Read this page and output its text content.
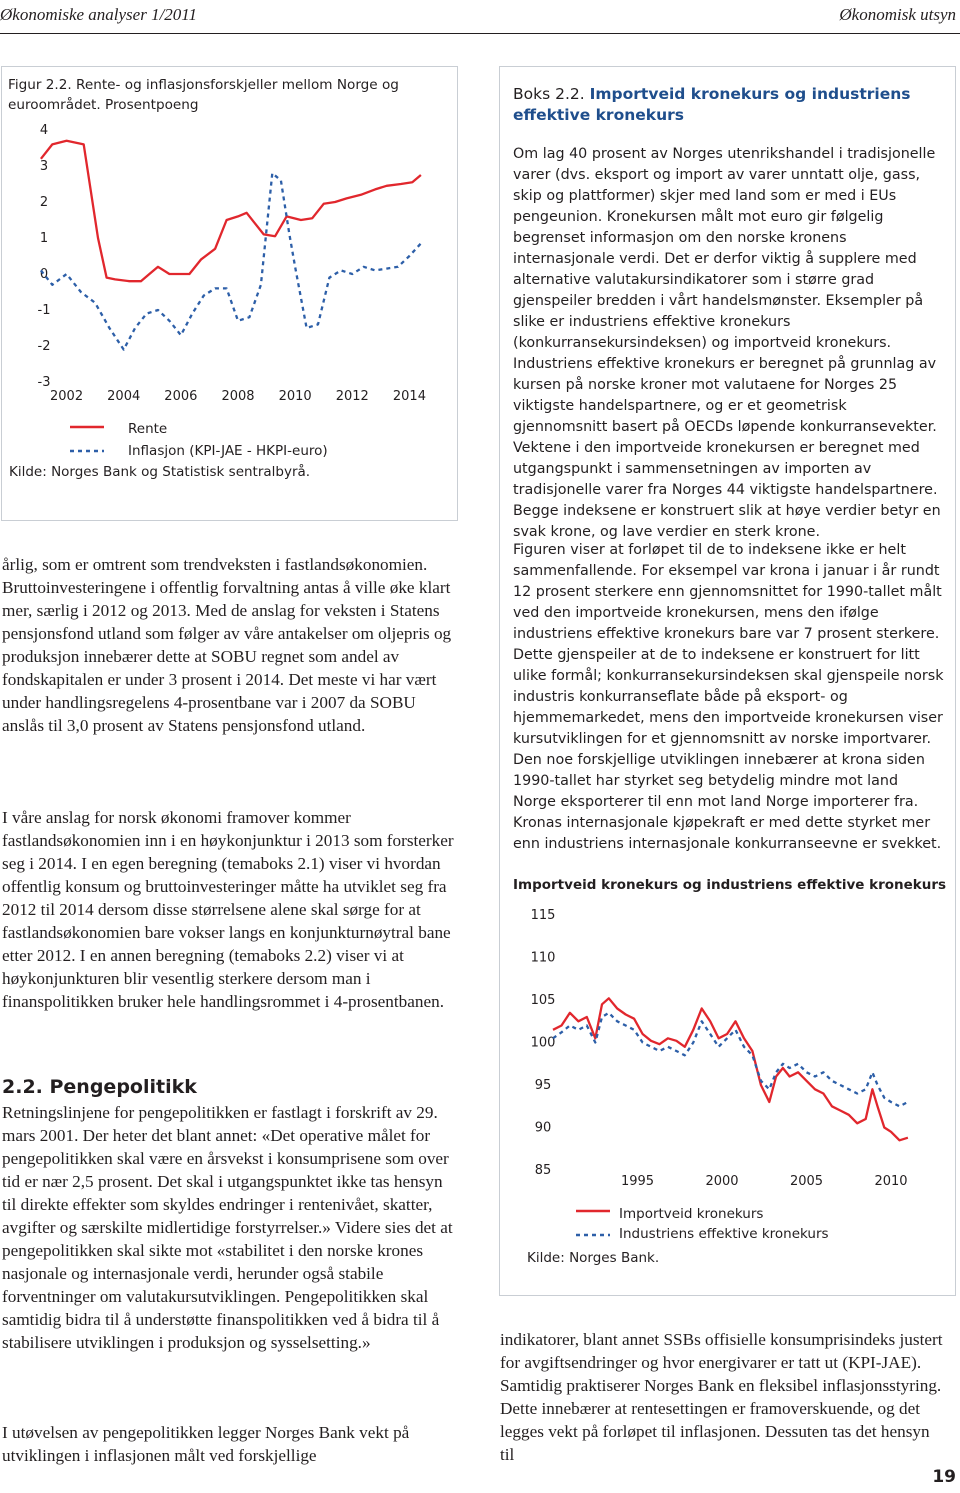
Økonomiske analyser 1/2011	Økonomisk utsyn
Figur 2.2. Rente- og inflasjonsforskjeller mellom Norge og euroområdet. Prosentpoeng
4
3
2
1
0
-1
-2
-3
2002 2004 2006 2008 2010 2012 2014
Rente
Inflasjon (KPI-JAE - HKPI-euro)
Kilde: Norges Bank og Statistisk sentralbyrå.
Boks 2.2. Importveid kronekurs og industriens effektive kronekurs
Om lag 40 prosent av Norges utenrikshandel i tradisjonelle varer (dvs. eksport og import av varer unntatt olje, gass, skip og plattformer) skjer med land som er med i EUs pengeunion. Kronekursen målt mot euro gir følgelig begrenset informasjon om den norske kronens internasjonale verdi. Det er derfor viktig å supplere med alternative valutakursindikatorer som i større grad gjenspeiler bredden i vårt handelsmønster. Eksempler på slike er industriens effektive kronekurs (konkurransekursindeksen) og importveid kronekurs. Industriens effektive kronekurs er beregnet på grunnlag av kursen på norske kroner mot valutaene for Norges 25 viktigste handelspartnere, og er et geometrisk gjennomsnitt basert på OECDs løpende konkurransevekter. Vektene i den importveide kronekursen er beregnet med utgangspunkt i sammensetningen av importen av tradisjonelle varer fra Norges 44 viktigste handelspartnere. Begge indeksene er konstruert slik at høye verdier betyr en svak krone, og lave verdier en sterk krone.
Figuren viser at forløpet til de to indeksene ikke er helt sammenfallende. For eksempel var krona i januar i år rundt 12 prosent sterkere enn gjennomsnittet for 1990-tallet målt ved den importveide kronekursen, mens den ifølge industriens effektive kronekurs bare var 7 prosent sterkere. Dette gjenspeiler at de to indeksene er konstruert for litt ulike formål; konkurransekursindeksen skal gjenspeile norsk industris konkurranseflate både på eksport- og hjemmemarkedet, mens den importveide kronekursen viser kursutviklingen for et gjennomsnitt av norske importvarer. Den noe forskjellige utviklingen innebærer at krona siden 1990-tallet har styrket seg betydelig mindre mot land Norge eksporterer til enn mot land Norge importerer fra. Kronas internasjonale kjøpekraft er med dette styrket mer enn industriens internasjonale konkurranseevne er svekket.
Importveid kronekurs og industriens effektive kronekurs
115
110
105
100
95
90
85
1995	2000	2005	2010
Importveid kronekurs
Industriens effektive kronekurs
Kilde: Norges Bank.

årlig, som er omtrent som trendveksten i fastlandsøkonomien. Bruttoinvesteringene i offentlig forvaltning antas å ville øke klart mer, særlig i 2012 og 2013. Med de anslag for veksten i Statens pensjonsfond utland som følger av våre antakelser om oljepris og produksjon innebærer dette at SOBU regnet som andel av fondskapitalen er under 3 prosent i 2014. Det meste vi har vært under handlingsregelens 4-prosentbane var i 2007 da SOBU anslås til 3,0 prosent av Statens pensjonsfond utland.

I våre anslag for norsk økonomi framover kommer fastlandsøkonomien inn i en høykonjunktur i 2013 som forsterker seg i 2014. I en egen beregning (temaboks 2.1) viser vi hvordan offentlig konsum og bruttoinvesteringer måtte ha utviklet seg fra 2012 til 2014 dersom disse størrelsene alene skal sørge for at fastlandsøkonomien bare vokser langs en konjunkturnøytral bane etter 2012. I en annen beregning (temaboks 2.2) viser vi at høykonjunkturen blir vesentlig sterkere dersom man i finanspolitikken bruker hele handlingsrommet i 4-prosentbanen.

2.2. Pengepolitikk

Retningslinjene for pengepolitikken er fastlagt i forskrift av 29. mars 2001. Der heter det blant annet: «Det operative målet for pengepolitikken skal være en årsvekst i konsumprisene som over tid er nær 2,5 prosent. Det skal i utgangspunktet ikke tas hensyn til direkte effekter som skyldes endringer i rentenivået, skatter, avgifter og særskilte midlertidige forstyrrelser.» Videre sies det at pengepolitikken skal sikte mot «stabilitet i den norske krones nasjonale og internasjonale verdi, herunder også stabile forventninger om valutakursutviklingen. Pengepolitikken skal samtidig bidra til å understøtte finanspolitikken ved å bidra til å stabilisere utviklingen i produksjon og sysselsetting.»

I utøvelsen av pengepolitikken legger Norges Bank vekt på utviklingen i inflasjonen målt ved forskjellige

indikatorer, blant annet SSBs offisielle konsumprisindeks justert for avgiftsendringer og hvor energivarer er tatt ut (KPI-JAE). Samtidig praktiserer Norges Bank en fleksibel inflasjonsstyring. Dette innebærer at rentesettingen er framoverskuende, og det legges vekt på forløpet til inflasjonen. Dessuten tas det hensyn til

19
